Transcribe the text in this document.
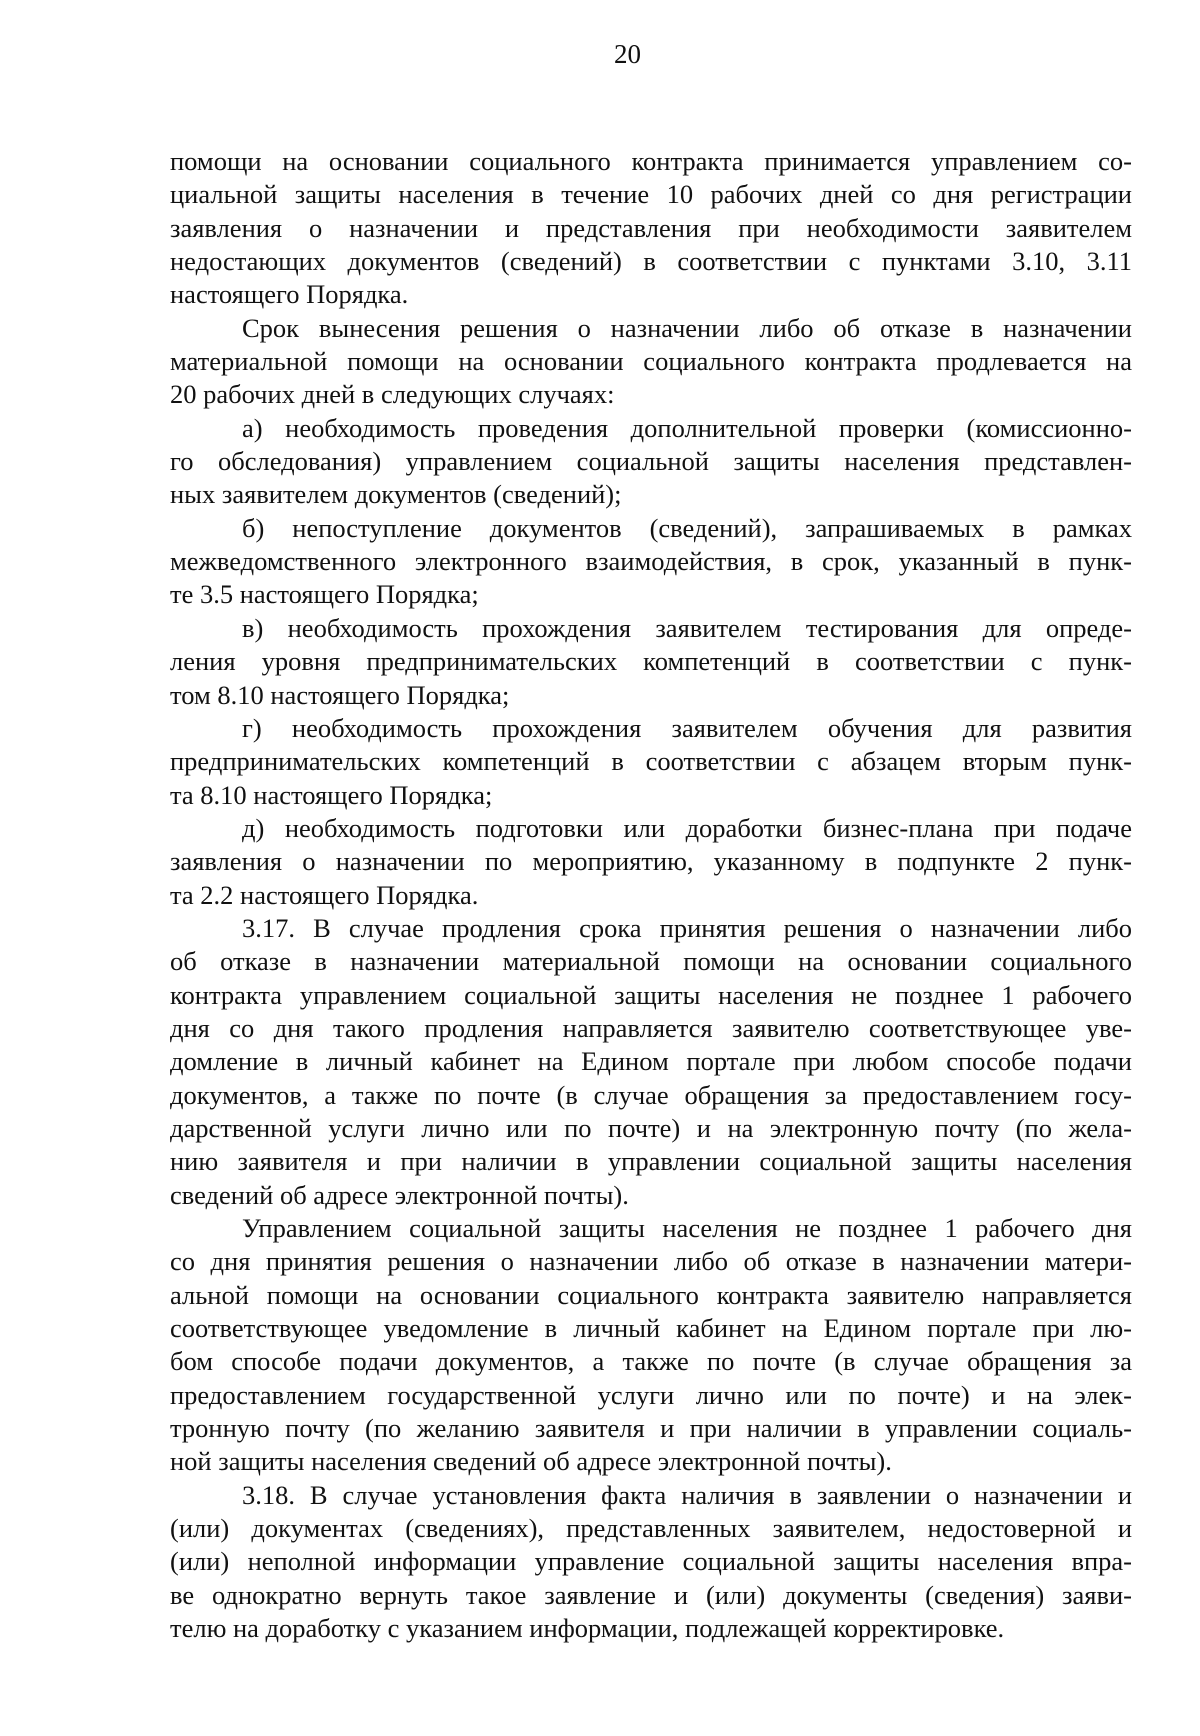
20
помощи на основании социального контракта принимается управлением со-
циальной защиты населения в течение 10 рабочих дней со дня регистрации
заявления о назначении и представления при необходимости заявителем
недостающих документов (сведений) в соответствии с пунктами 3.10, 3.11
настоящего Порядка.
Срок вынесения решения о назначении либо об отказе в назначении
материальной помощи на основании социального контракта продлевается на
20 рабочих дней в следующих случаях:
а) необходимость проведения дополнительной проверки (комиссионно-
го обследования) управлением социальной защиты населения представлен-
ных заявителем документов (сведений);
б) непоступление документов (сведений), запрашиваемых в рамках
межведомственного электронного взаимодействия, в срок, указанный в пунк-
те 3.5 настоящего Порядка;
в) необходимость прохождения заявителем тестирования для опреде-
ления уровня предпринимательских компетенций в соответствии с пунк-
том 8.10 настоящего Порядка;
г) необходимость прохождения заявителем обучения для развития
предпринимательских компетенций в соответствии с абзацем вторым пунк-
та 8.10 настоящего Порядка;
д) необходимость подготовки или доработки бизнес-плана при подаче
заявления о назначении по мероприятию, указанному в подпункте 2 пунк-
та 2.2 настоящего Порядка.
3.17. В случае продления срока принятия решения о назначении либо
об отказе в назначении материальной помощи на основании социального
контракта управлением социальной защиты населения не позднее 1 рабочего
дня со дня такого продления направляется заявителю соответствующее уве-
домление в личный кабинет на Едином портале при любом способе подачи
документов, а также по почте (в случае обращения за предоставлением госу-
дарственной услуги лично или по почте) и на электронную почту (по жела-
нию заявителя и при наличии в управлении социальной защиты населения
сведений об адресе электронной почты).
Управлением социальной защиты населения не позднее 1 рабочего дня
со дня принятия решения о назначении либо об отказе в назначении матери-
альной помощи на основании социального контракта заявителю направляется
соответствующее уведомление в личный кабинет на Едином портале при лю-
бом способе подачи документов, а также по почте (в случае обращения за
предоставлением государственной услуги лично или по почте) и на элек-
тронную почту (по желанию заявителя и при наличии в управлении социаль-
ной защиты населения сведений об адресе электронной почты).
3.18. В случае установления факта наличия в заявлении о назначении и
(или) документах (сведениях), представленных заявителем, недостоверной и
(или) неполной информации управление социальной защиты населения впра-
ве однократно вернуть такое заявление и (или) документы (сведения) заяви-
телю на доработку с указанием информации, подлежащей корректировке.
